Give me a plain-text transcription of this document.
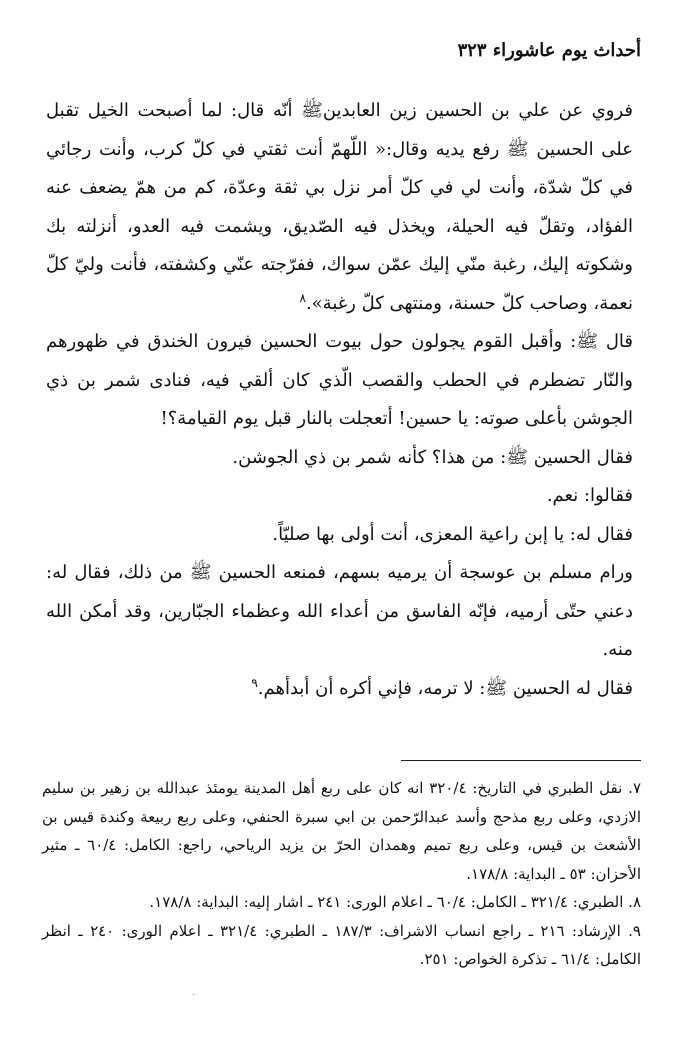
أحداث يوم عاشوراء ٣٢٣

فروي عن علي بن الحسين زين العابدينﷺ أنّه قال: لما أصبحت الخيل تقبل على الحسين ﷺ رفع يديه وقال:« اللّهمّ أنت ثقتي في كلّ كرب، وأنت رجائي في كلّ شدّة، وأنت لي في كلّ أمر نزل بي ثقة وعدّة، كم من همّ يضعف عنه الفؤاد، وتقلّ فيه الحيلة، ويخذل فيه الصّديق، ويشمت فيه العدو، أنزلته بك وشكوته إليك، رغبة منّي إليك عمّن سواك، ففرّجته عنّي وكشفته، فأنت وليّ كلّ نعمة، وصاحب كلّ حسنة، ومنتهى كلّ رغبة».$^٨$

قال ﷺ: وأقبل القوم يجولون حول بيوت الحسين فيرون الخندق في ظهورهم والنّار تضطرم في الحطب والقصب الّذي كان ألقي فيه، فنادى شمر بن ذي الجوشن بأعلى صوته: يا حسين! أتعجلت بالنار قبل يوم القيامة؟!

فقال الحسين ﷺ: من هذا؟ كأنه شمر بن ذي الجوشن.

فقالوا: نعم.

فقال له: يا إبن راعية المعزى، أنت أولى بها صليّاً.

ورام مسلم بن عوسجة أن يرميه بسهم، فمنعه الحسين ﷺ من ذلك، فقال له: دعني حتّى أرميه، فإنّه الفاسق من أعداء الله وعظماء الجبّارين، وقد أمكن الله منه.

فقال له الحسين ﷺ: لا ترمه، فإني أكره أن أبدأهم.$^٩$

٧. نقل الطبري في التاريخ: ٣٢٠/٤ انه كان على ربع أهل المدينة يومئذ عبدالله بن زهير بن سليم الازدي، وعلى ربع مذحج وأسد عبدالرّحمن بن ابي سبرة الحنفي، وعلى ربع ربيعة وكندة قيس بن الأشعث بن قيس، وعلى ربع تميم وهمدان الحرّ بن يزيد الرياحي، راجع: الكامل: ٦٠/٤ ـ مثير الأحزان: ٥٣ ـ البداية: ١٧٨/٨.

٨. الطبري: ٣٢١/٤ ـ الكامل: ٦٠/٤ ـ اعلام الورى: ٢٤١ ـ اشار إليه: البداية: ١٧٨/٨.

٩. الإرشاد: ٢١٦ ـ راجع انساب الاشراف: ١٨٧/٣ ـ الطبري: ٣٢١/٤ ـ اعلام الورى: ٢٤٠ ـ انظر الكامل: ٦١/٤ ـ تذكرة الخواص: ٢٥١.

ˏ
